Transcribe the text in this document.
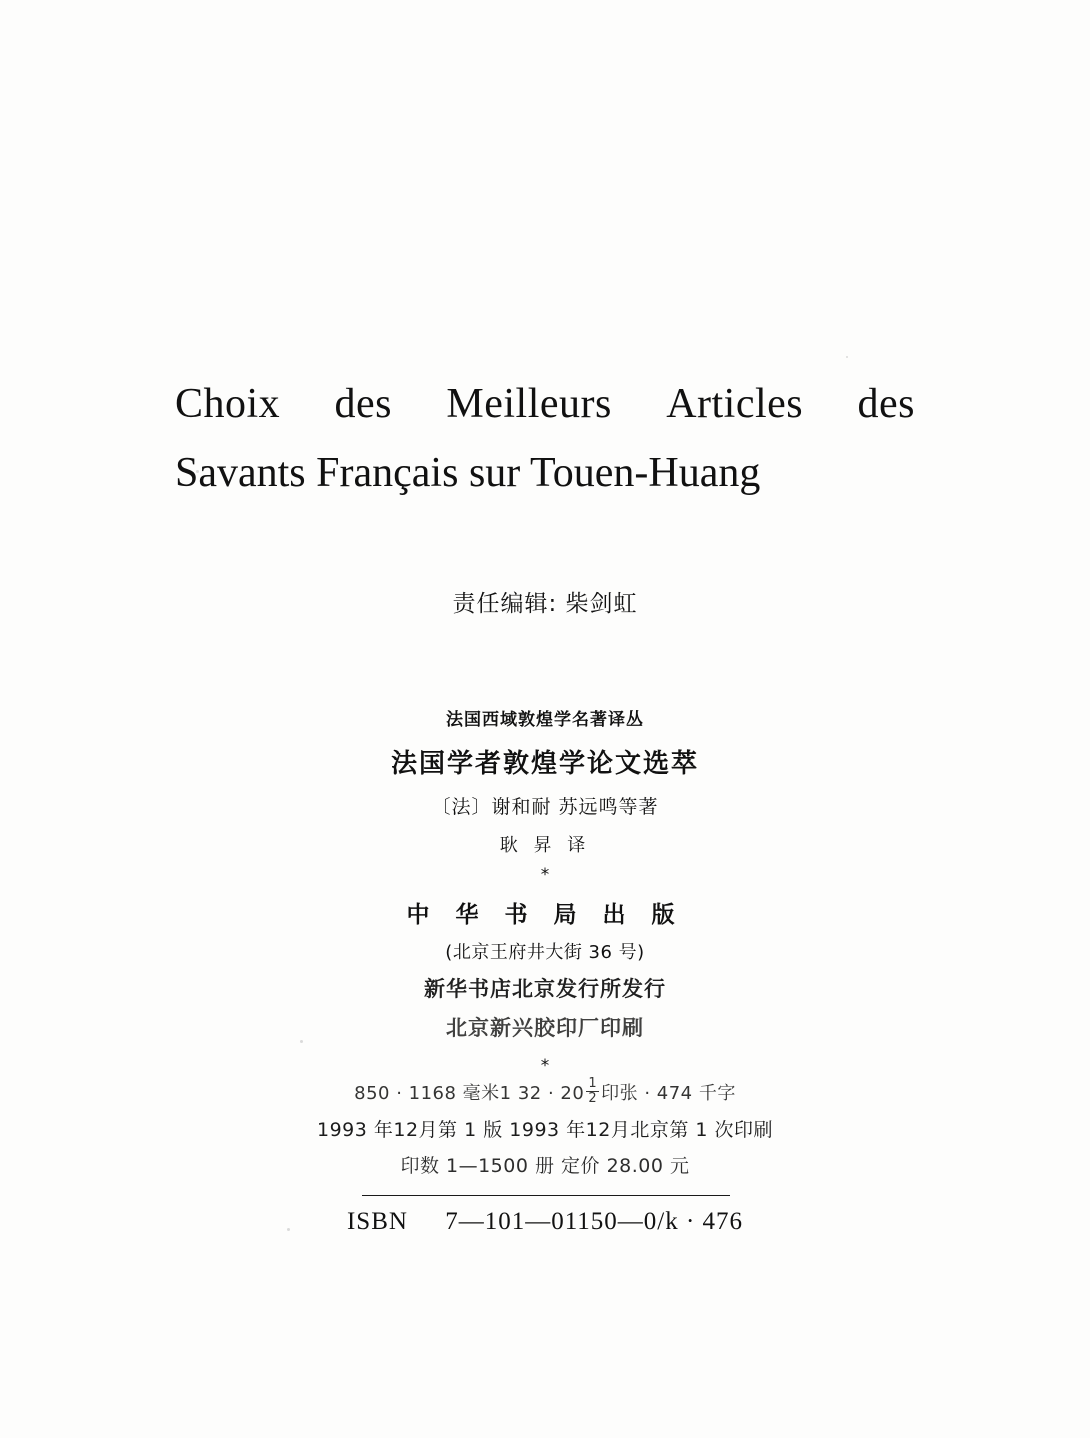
Choix des Meilleurs Articles des
Savants Français sur Touen-Huang
责任编辑: 柴剑虹
法国西域敦煌学名著译丛
法国学者敦煌学论文选萃
〔法〕谢和耐 苏远鸣等著
耿 昇 译
*
中 华 书 局 出 版
(北京王府井大街 36 号)
新华书店北京发行所发行
北京新兴胶印厂印刷
*
850 · 1168 毫米1 $32 \cdot 20 \frac{1}{2}$ 印张 · 474 千字
1993 年12月第 1 版 1993 年12月北京第 1 次印刷
印数 1—1500 册 定价 28.00 元
ISBN 7—101—01150—0/k · 476
